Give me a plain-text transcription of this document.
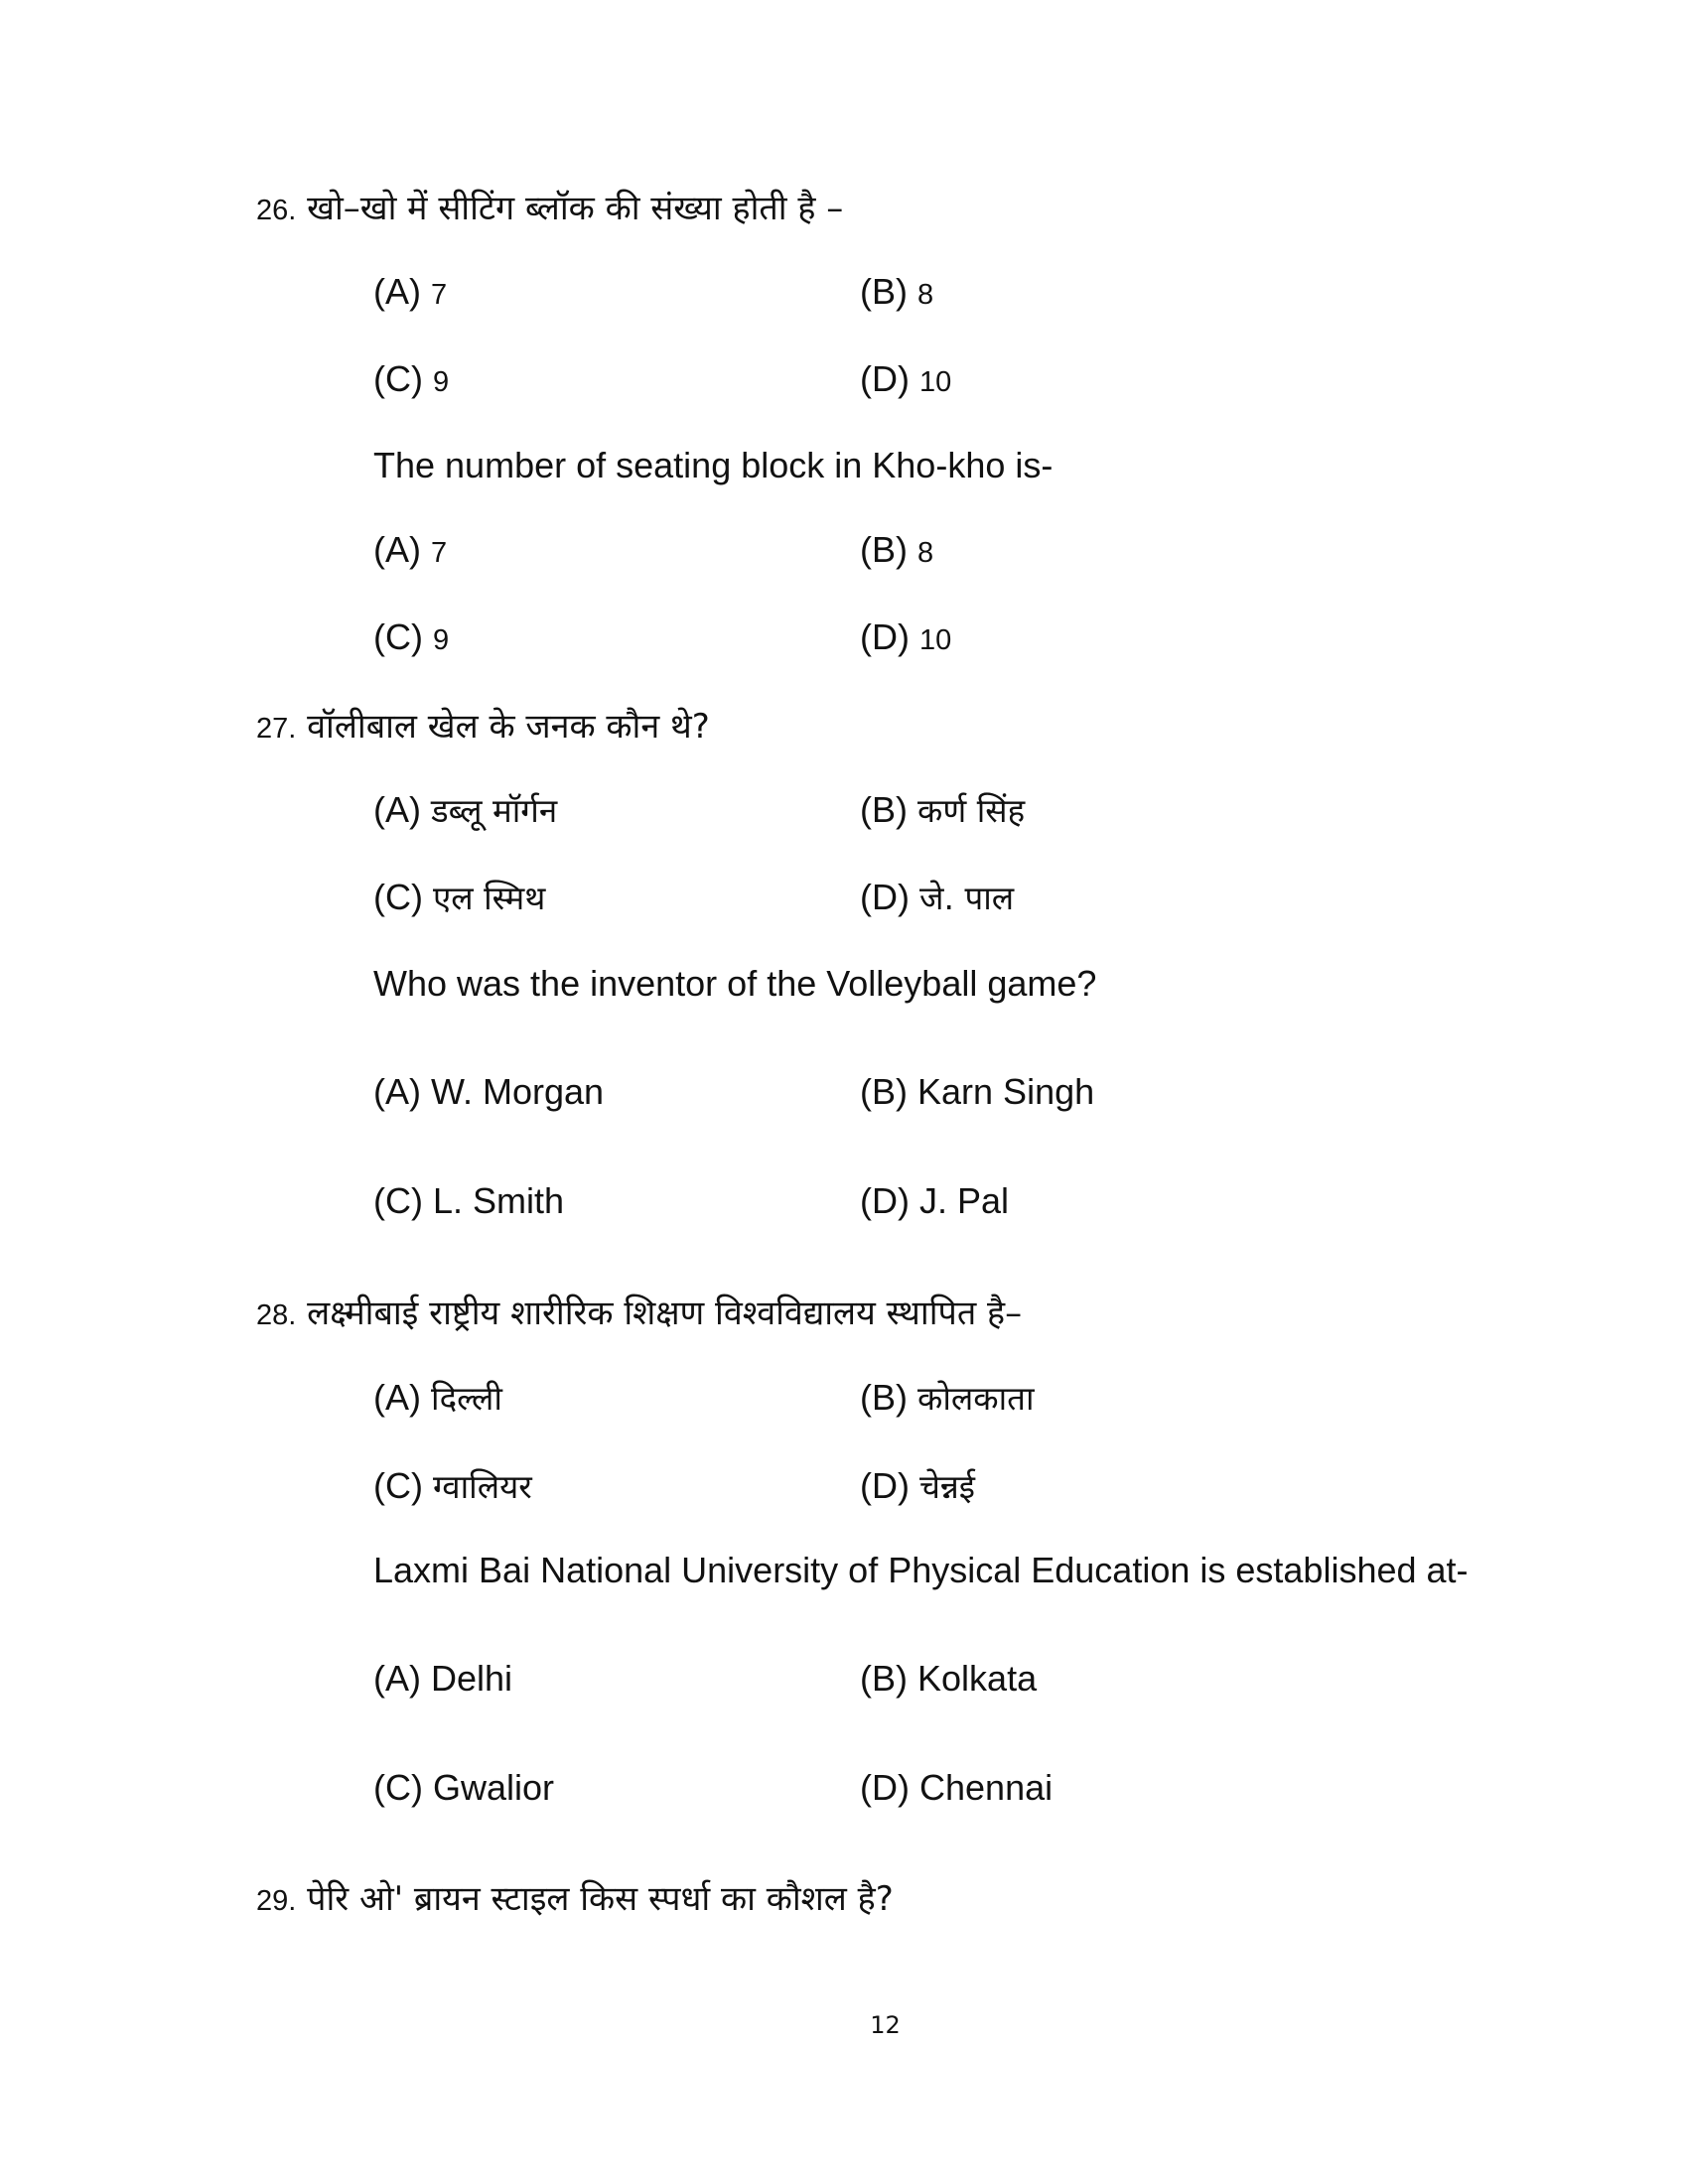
26. खो–खो में सीटिंग ब्लॉक की संख्या होती है –
(A) 7	(B) 8
(C) 9	(D) 10
The number of seating block in Kho-kho is-
(A) 7	(B) 8
(C) 9	(D) 10
27. वॉलीबाल खेल के जनक कौन थे?
(A) डब्लू मॉर्गन	(B) कर्ण सिंह
(C) एल स्मिथ	(D) जे. पाल
Who was the inventor of the Volleyball game?
(A) W. Morgan	(B) Karn Singh
(C) L. Smith	(D) J. Pal
28. लक्ष्मीबाई राष्ट्रीय शारीरिक शिक्षण विश्वविद्यालय स्थापित है–
(A) दिल्ली	(B) कोलकाता
(C) ग्वालियर	(D) चेन्नई
Laxmi Bai National University of Physical Education is established at-
(A) Delhi	(B) Kolkata
(C) Gwalior	(D) Chennai
29. पेरि ओ' ब्रायन स्टाइल किस स्पर्धा का कौशल है?
12
